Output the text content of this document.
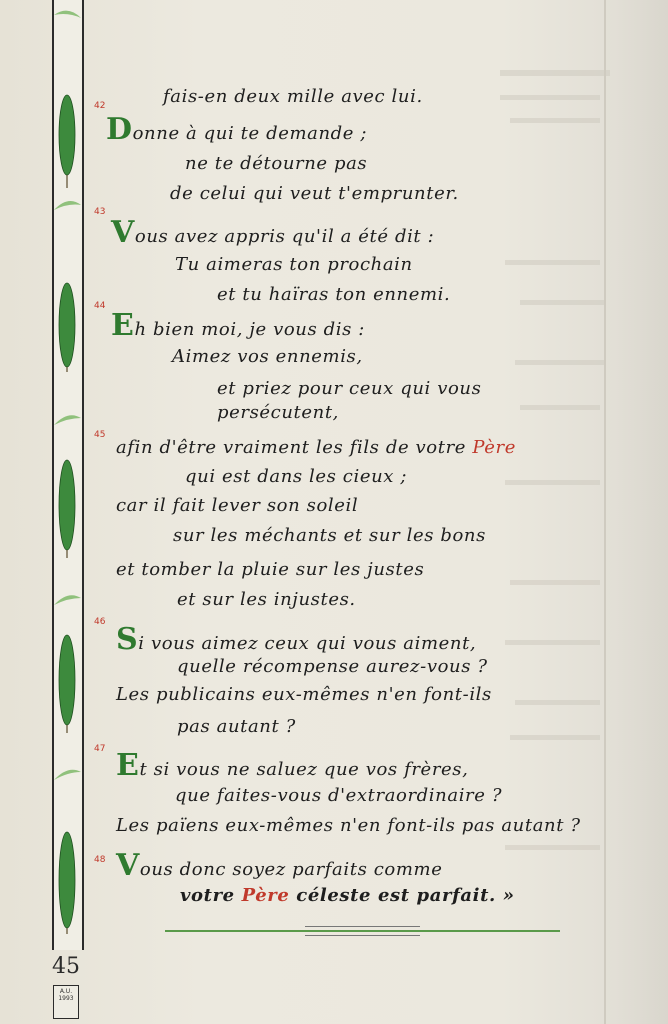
45
A.U. 1993
fais-en deux mille avec lui.
42
Donne à qui te demande ;
ne te détourne pas
de celui qui veut t'emprunter.
43
Vous avez appris qu'il a été dit :
Tu aimeras ton prochain
et tu haïras ton ennemi.
44
Eh bien moi, je vous dis :
Aimez vos ennemis,
et priez pour ceux qui vous
persécutent,
45
afin d'être vraiment les fils de votre Père
qui est dans les cieux ;
car il fait lever son soleil
sur les méchants et sur les bons
et tomber la pluie sur les justes
et sur les injustes.
46 Si vous aimez ceux qui vous aiment,
quelle récompense aurez-vous ?
Les publicains eux-mêmes n'en font-ils
pas autant ?
47 Et si vous ne saluez que vos frères,
que faites-vous d'extraordinaire ?
Les païens eux-mêmes n'en font-ils pas autant ?
48 Vous donc soyez parfaits comme
votre Père céleste est parfait. »
